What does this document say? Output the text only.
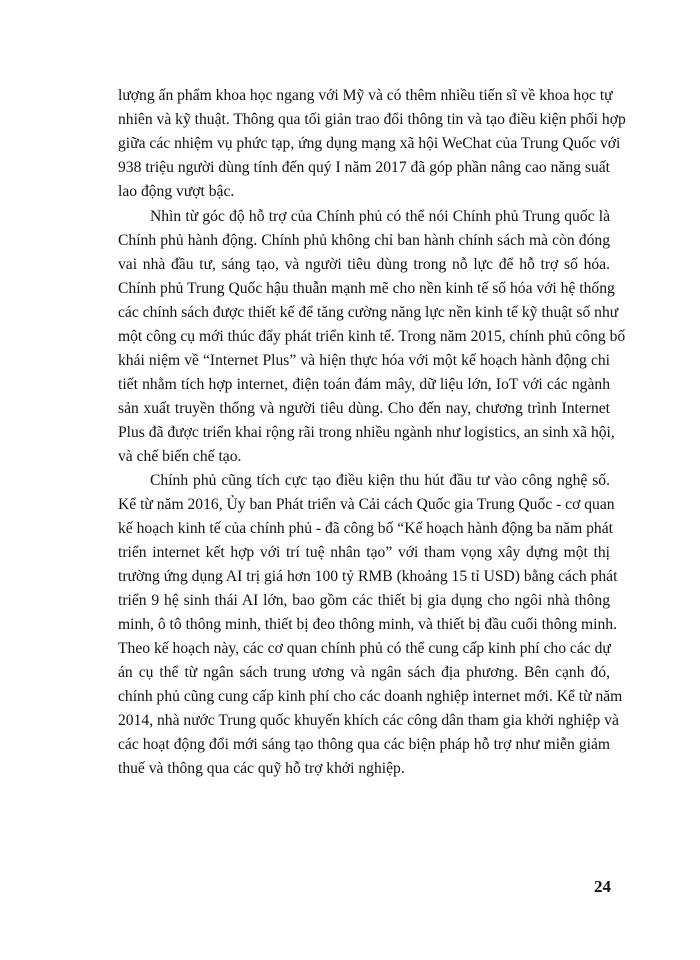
lượng ấn phẩm khoa học ngang với Mỹ và có thêm nhiều tiến sĩ về khoa học tự
nhiên và kỹ thuật. Thông qua tối giản trao đổi thông tin và tạo điều kiện phối hợp
giữa các nhiệm vụ phức tạp, ứng dụng mạng xã hội WeChat của Trung Quốc với
938 triệu người dùng tính đến quý I năm 2017 đã góp phần nâng cao năng suất
lao động vượt bậc.
Nhìn từ góc độ hỗ trợ của Chính phủ có thể nói Chính phủ Trung quốc là
Chính phủ hành động. Chính phủ không chỉ ban hành chính sách mà còn đóng
vai nhà đầu tư, sáng tạo, và người tiêu dùng trong nỗ lực để hỗ trợ số hóa.
Chính phủ Trung Quốc hậu thuẫn mạnh mẽ cho nền kinh tế số hóa với hệ thống
các chính sách được thiết kế để tăng cường năng lực nền kinh tế kỹ thuật số như
một công cụ mới thúc đẩy phát triển kinh tế. Trong năm 2015, chính phủ công bố
khái niệm về “Internet Plus” và hiện thực hóa với một kế hoạch hành động chi
tiết nhằm tích hợp internet, điện toán đám mây, dữ liệu lớn, IoT với các ngành
sản xuất truyền thống và người tiêu dùng. Cho đến nay, chương trình Internet
Plus đã được triển khai rộng rãi trong nhiều ngành như logistics, an sinh xã hội,
và chế biến chế tạo.
Chính phủ cũng tích cực tạo điều kiện thu hút đầu tư vào công nghệ số.
Kể từ năm 2016, Ủy ban Phát triển và Cải cách Quốc gia Trung Quốc - cơ quan
kế hoạch kinh tế của chính phủ - đã công bố “Kế hoạch hành động ba năm phát
triển internet kết hợp với trí tuệ nhân tạo” với tham vọng xây dựng một thị
trường ứng dụng AI trị giá hơn 100 tỷ RMB (khoảng 15 tỉ USD) bằng cách phát
triển 9 hệ sinh thái AI lớn, bao gồm các thiết bị gia dụng cho ngôi nhà thông
minh, ô tô thông minh, thiết bị đeo thông minh, và thiết bị đầu cuối thông minh.
Theo kế hoạch này, các cơ quan chính phủ có thể cung cấp kinh phí cho các dự
án cụ thể từ ngân sách trung ương và ngân sách địa phương. Bên cạnh đó,
chính phủ cũng cung cấp kinh phí cho các doanh nghiệp internet mới. Kể từ năm
2014, nhà nước Trung quốc khuyến khích các công dân tham gia khởi nghiệp và
các hoạt động đổi mới sáng tạo thông qua các biện pháp hỗ trợ như miễn giảm
thuế và thông qua các quỹ hỗ trợ khởi nghiệp.
24
